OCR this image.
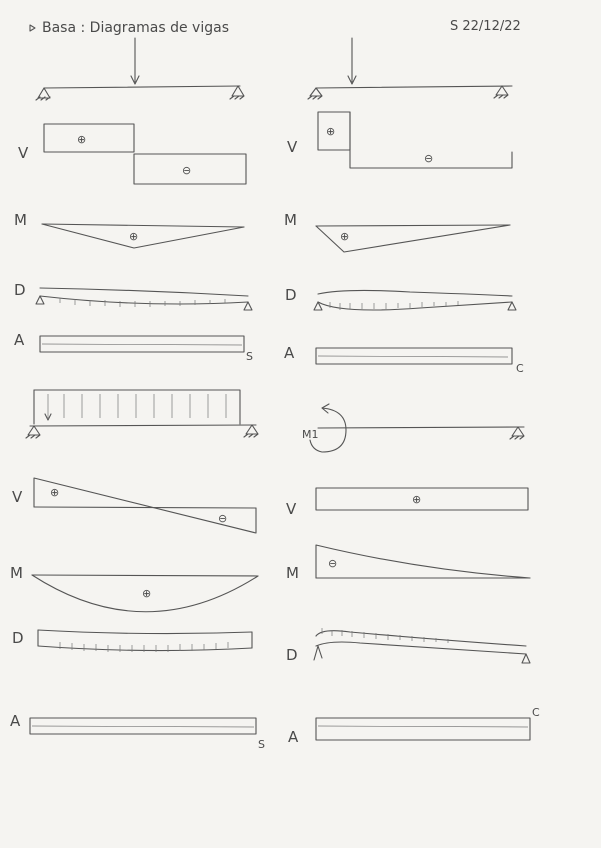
Basa : Diagramas de vigas	S 22/12/22
V
⊕
⊖
M
⊕
D
A
S
V
⊕
⊖
M
⊕
D
A
C
V	⊕
⊖
M
⊕
D
A
S
M1
V
⊕
M
⊖
D
A
C
